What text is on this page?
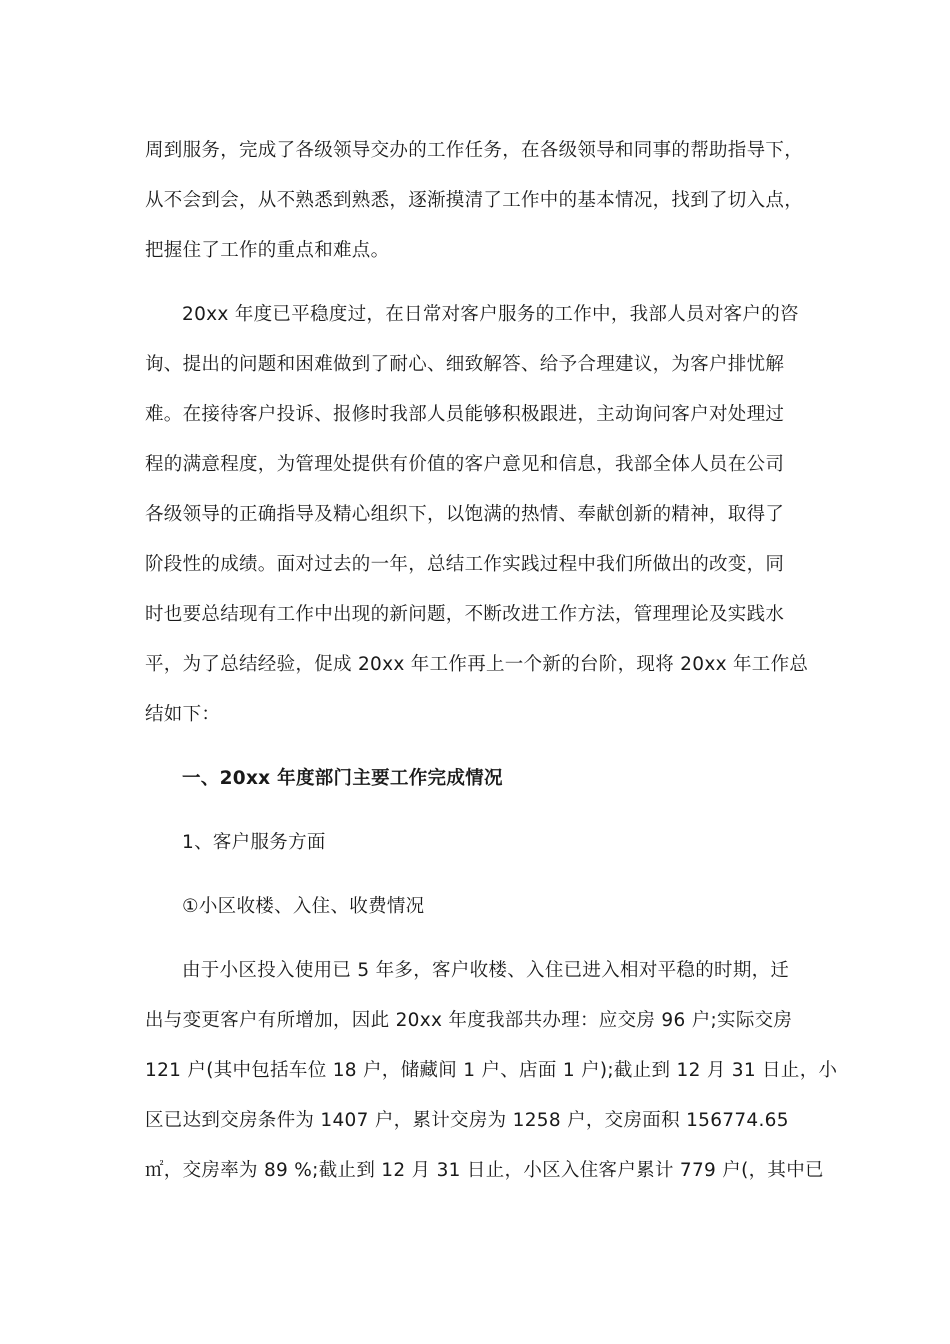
周到服务，完成了各级领导交办的工作任务，在各级领导和同事的帮助指导下，
从不会到会，从不熟悉到熟悉，逐渐摸清了工作中的基本情况，找到了切入点，
把握住了工作的重点和难点。
20xx 年度已平稳度过，在日常对客户服务的工作中，我部人员对客户的咨
询、提出的问题和困难做到了耐心、细致解答、给予合理建议，为客户排忧解
难。在接待客户投诉、报修时我部人员能够积极跟进，主动询问客户对处理过
程的满意程度，为管理处提供有价值的客户意见和信息，我部全体人员在公司
各级领导的正确指导及精心组织下，以饱满的热情、奉献创新的精神，取得了
阶段性的成绩。面对过去的一年，总结工作实践过程中我们所做出的改变，同
时也要总结现有工作中出现的新问题，不断改进工作方法，管理理论及实践水
平，为了总结经验，促成 20xx 年工作再上一个新的台阶，现将 20xx 年工作总
结如下：
一、20xx 年度部门主要工作完成情况
1、客户服务方面
①小区收楼、入住、收费情况
由于小区投入使用已 5 年多，客户收楼、入住已进入相对平稳的时期，迁
出与变更客户有所增加，因此 20xx 年度我部共办理：应交房 96 户;实际交房
121 户(其中包括车位 18 户，储藏间 1 户、店面 1 户);截止到 12 月 31 日止，小
区已达到交房条件为 1407 户，累计交房为 1258 户，交房面积 156774.65
㎡，交房率为 89 %;截止到 12 月 31 日止，小区入住客户累计 779 户(，其中已
